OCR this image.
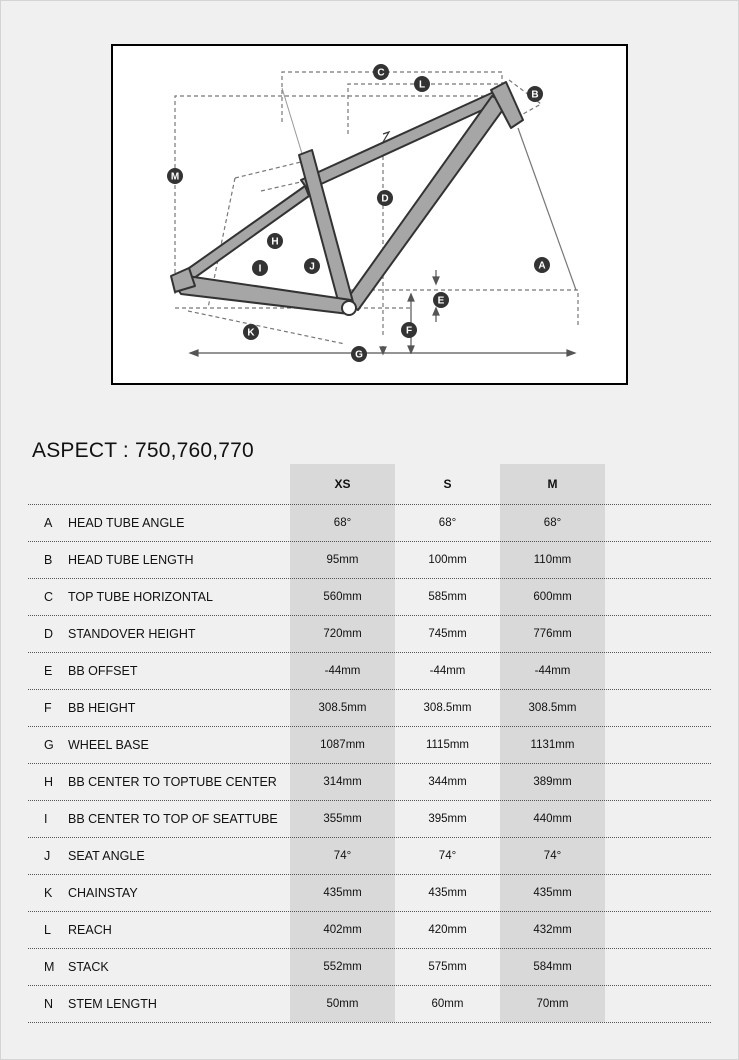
C
L
B
M
D
H
I	J	A
E
F
K
G
ASPECT : 750,760,770
XS	S	M
A HEAD TUBE ANGLE	68°	68°	68°
B HEAD TUBE LENGTH	95mm	100mm	110mm
C TOP TUBE HORIZONTAL	560mm	585mm	600mm
D STANDOVER HEIGHT	720mm	745mm	776mm
E BB OFFSET	-44mm	-44mm	-44mm
F BB HEIGHT	308.5mm	308.5mm	308.5mm
G WHEEL BASE	1087mm	1115mm	1131mm
H BB CENTER TO TOPTUBE CENTER	314mm	344mm	389mm
I BB CENTER TO TOP OF SEATTUBE	355mm	395mm	440mm
J SEAT ANGLE	74°	74°	74°
K CHAINSTAY	435mm	435mm	435mm
L REACH	402mm	420mm	432mm
M STACK	552mm	575mm	584mm
N STEM LENGTH	50mm	60mm	70mm
